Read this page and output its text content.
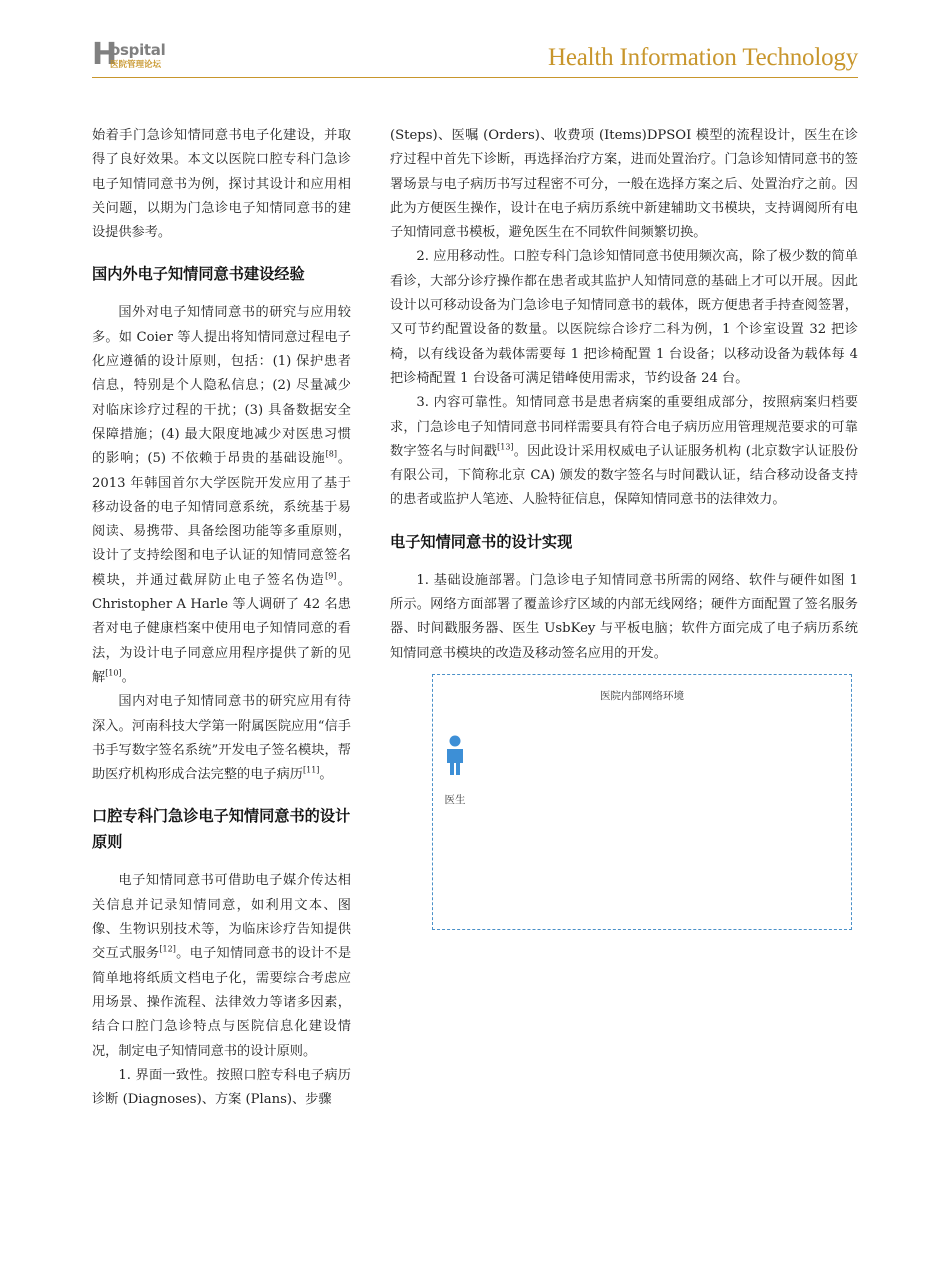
H
ospital
医院管理论坛	Health Information Technology

始着手门急诊知情同意书电子化建设，并取得了良好效果。本文以医院口腔专科门急诊电子知情同意书为例，探讨其设计和应用相关问题，以期为门急诊电子知情同意书的建设提供参考。

国内外电子知情同意书建设经验

国外对电子知情同意书的研究与应用较多。如 Coier 等人提出将知情同意过程电子化应遵循的设计原则，包括：(1) 保护患者信息，特别是个人隐私信息；(2) 尽量减少对临床诊疗过程的干扰；(3) 具备数据安全保障措施；(4) 最大限度地减少对医患习惯的影响；(5) 不依赖于昂贵的基础设施[8]。2013 年韩国首尔大学医院开发应用了基于移动设备的电子知情同意系统，系统基于易阅读、易携带、具备绘图功能等多重原则，设计了支持绘图和电子认证的知情同意签名模块，并通过截屏防止电子签名伪造[9]。Christopher A Harle 等人调研了 42 名患者对电子健康档案中使用电子知情同意的看法，为设计电子同意应用程序提供了新的见解[10]。

国内对电子知情同意书的研究应用有待深入。河南科技大学第一附属医院应用“信手书手写数字签名系统”开发电子签名模块，帮助医疗机构形成合法完整的电子病历[11]。

口腔专科门急诊电子知情同意书的设计原则

电子知情同意书可借助电子媒介传达相关信息并记录知情同意，如利用文本、图像、生物识别技术等，为临床诊疗告知提供交互式服务[12]。电子知情同意书的设计不是简单地将纸质文档电子化，需要综合考虑应用场景、操作流程、法律效力等诸多因素，结合口腔门急诊特点与医院信息化建设情况，制定电子知情同意书的设计原则。

1. 界面一致性。按照口腔专科电子病历诊断 (Diagnoses)、方案 (Plans)、步骤

(Steps)、医嘱 (Orders)、收费项 (Items)DPSOI 模型的流程设计，医生在诊疗过程中首先下诊断，再选择治疗方案，进而处置治疗。门急诊知情同意书的签署场景与电子病历书写过程密不可分，一般在选择方案之后、处置治疗之前。因此为方便医生操作，设计在电子病历系统中新建辅助文书模块，支持调阅所有电子知情同意书模板，避免医生在不同软件间频繁切换。

2. 应用移动性。口腔专科门急诊知情同意书使用频次高，除了极少数的简单看诊，大部分诊疗操作都在患者或其监护人知情同意的基础上才可以开展。因此设计以可移动设备为门急诊电子知情同意书的载体，既方便患者手持查阅签署，又可节约配置设备的数量。以医院综合诊疗二科为例，1 个诊室设置 32 把诊椅，以有线设备为载体需要每 1 把诊椅配置 1 台设备；以移动设备为载体每 4 把诊椅配置 1 台设备可满足错峰使用需求，节约设备 24 台。

3. 内容可靠性。知情同意书是患者病案的重要组成部分，按照病案归档要求，门急诊电子知情同意书同样需要具有符合电子病历应用管理规范要求的可靠数字签名与时间戳[13]。因此设计采用权威电子认证服务机构 (北京数字认证股份有限公司，下简称北京 CA) 颁发的数字签名与时间戳认证，结合移动设备支持的患者或监护人笔迹、人脸特征信息，保障知情同意书的法律效力。

电子知情同意书的设计实现

1. 基础设施部署。门急诊电子知情同意书所需的网络、软件与硬件如图 1 所示。网络方面部署了覆盖诊疗区域的内部无线网络；硬件方面配置了签名服务器、时间戳服务器、医生 UsbKey 与平板电脑；软件方面完成了电子病历系统知情同意书模块的改造及移动签名应用的开发。

医院内部网络环境
医生
